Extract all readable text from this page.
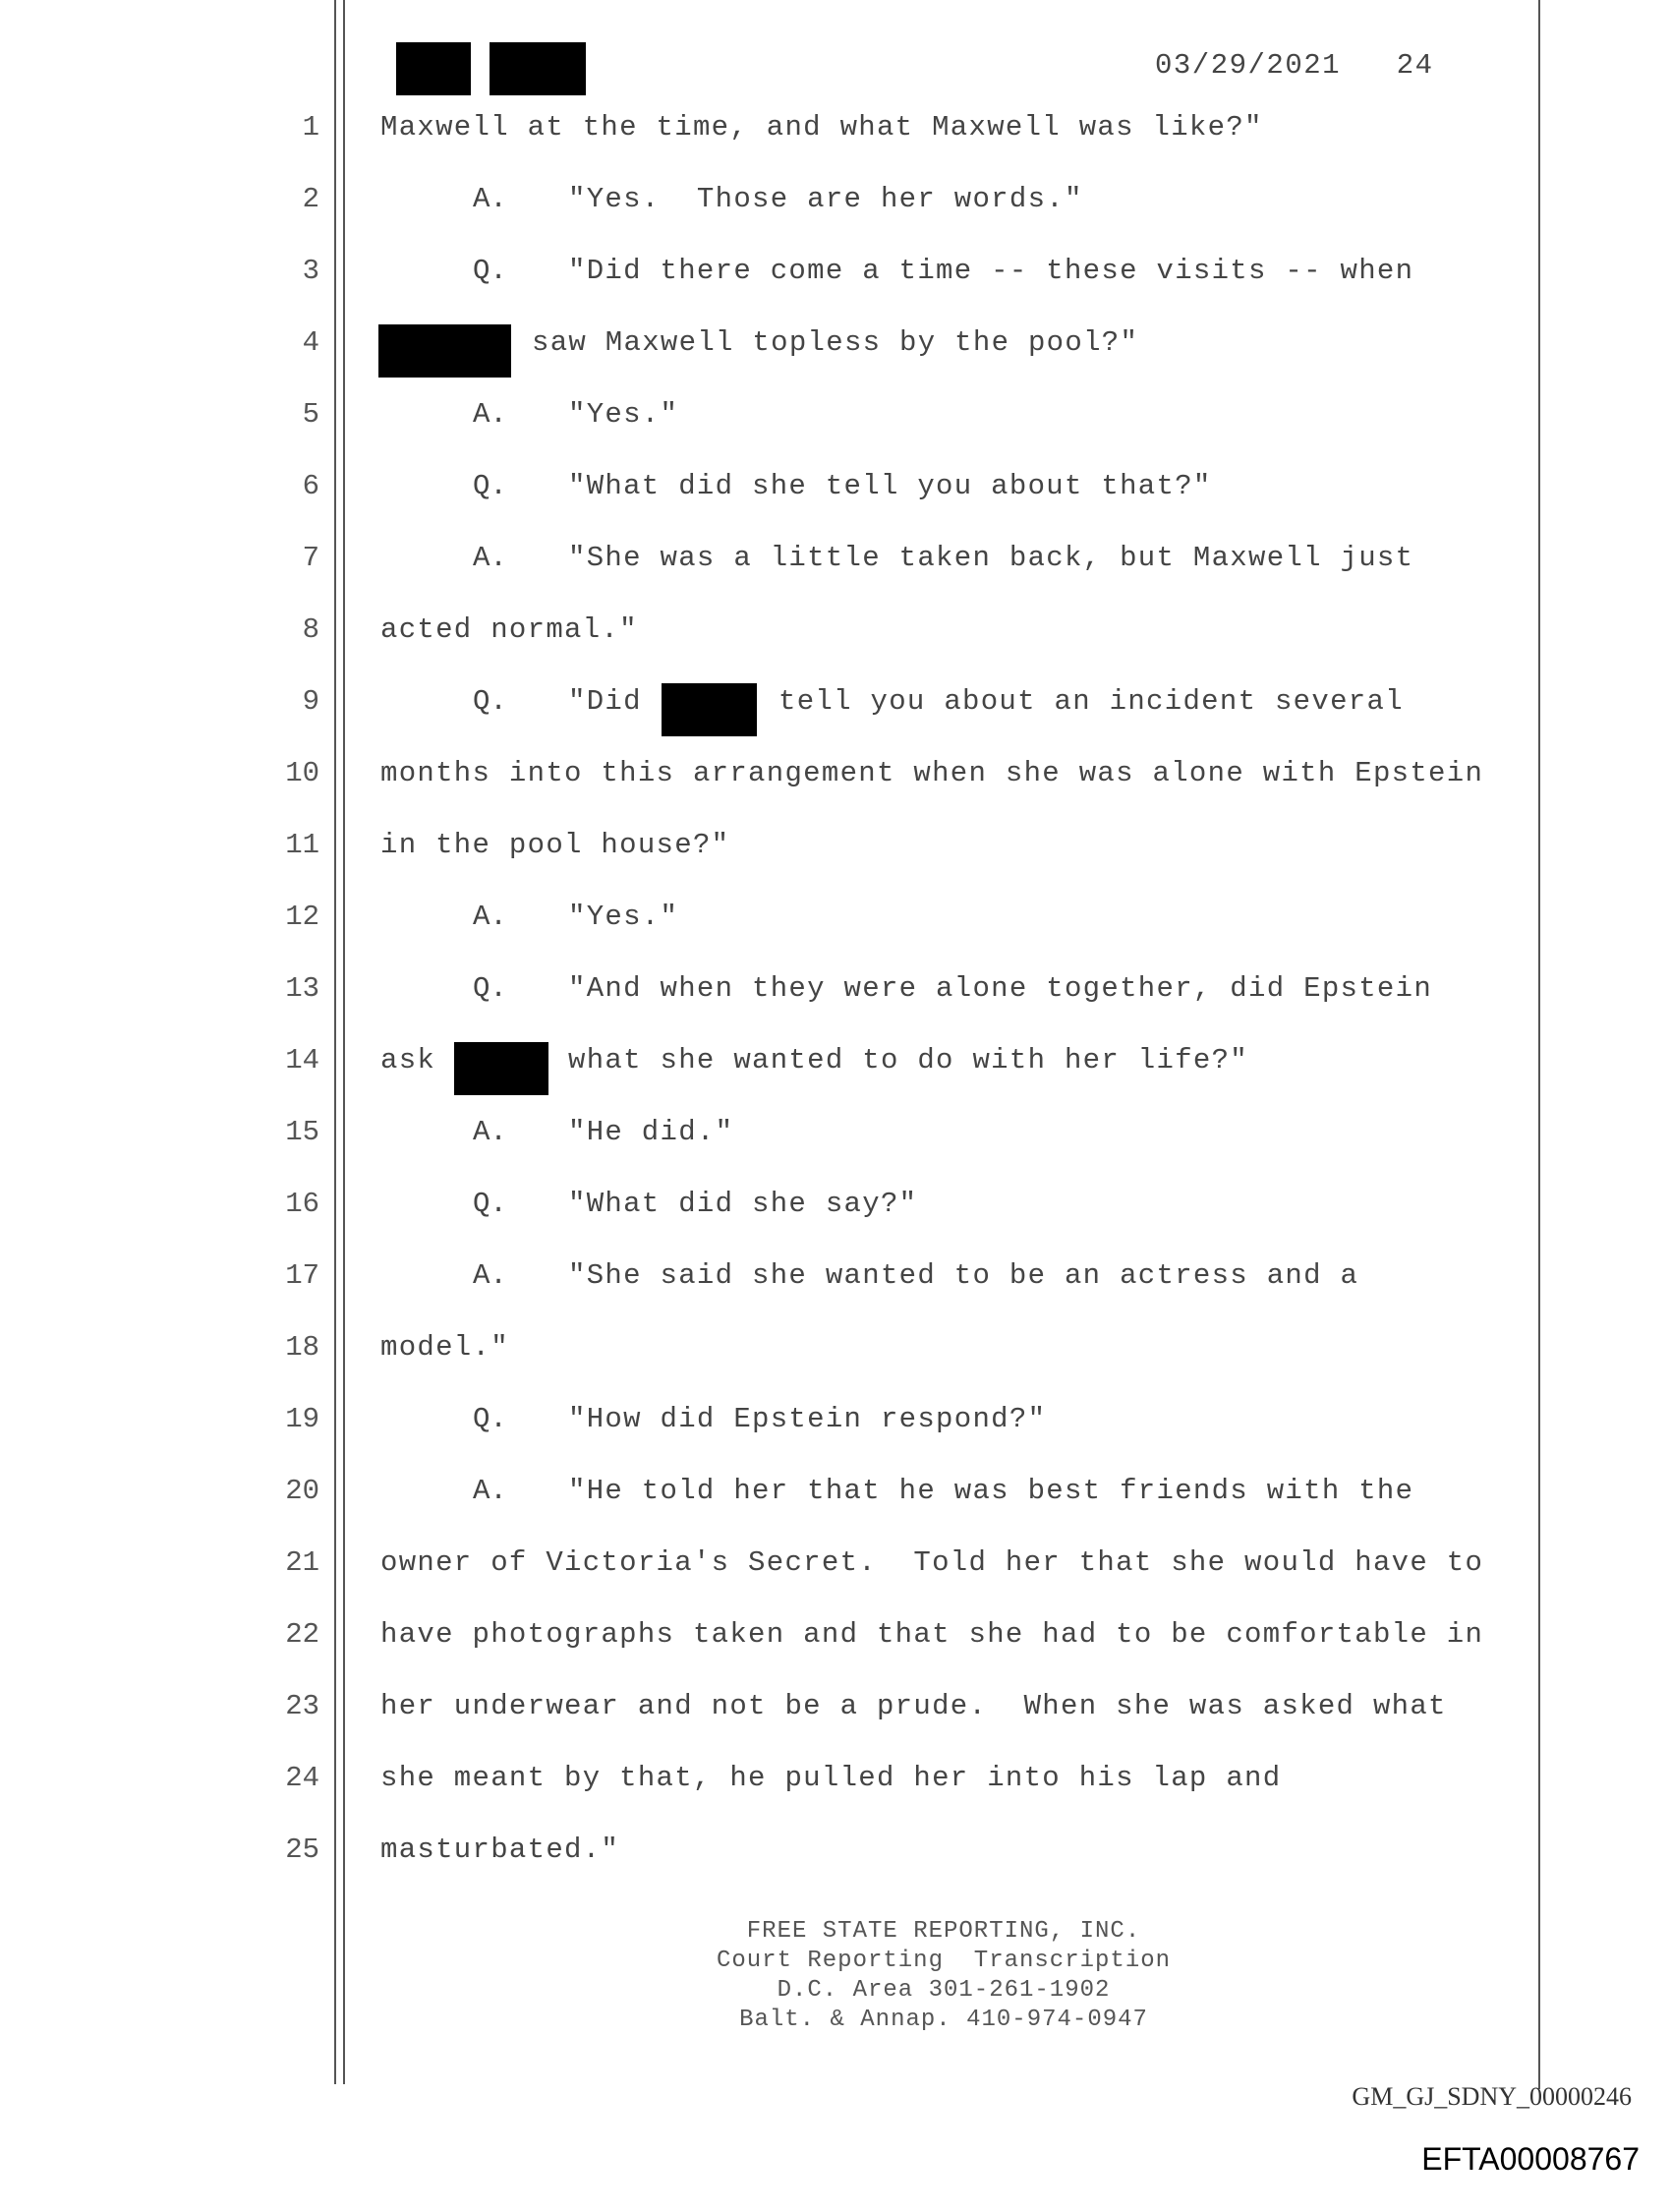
03/29/2021 24
1 Maxwell at the time, and what Maxwell was like?"
2	A. "Yes.  Those are her words."
3	Q. "Did there come a time -- these visits -- when
4	saw Maxwell topless by the pool?"
5	A. "Yes."
6	Q. "What did she tell you about that?"
7	A. "She was a little taken back, but Maxwell just
8 acted normal."
9	Q. "Did	tell you about an incident several
10 months into this arrangement when she was alone with Epstein
11 in the pool house?"
12	A. "Yes."
13	Q. "And when they were alone together, did Epstein
14 ask	what she wanted to do with her life?"
15	A. "He did."
16	Q. "What did she say?"
17	A. "She said she wanted to be an actress and a
18 model."
19	Q. "How did Epstein respond?"
20	A. "He told her that he was best friends with the
21 owner of Victoria's Secret.  Told her that she would have to
22 have photographs taken and that she had to be comfortable in
23 her underwear and not be a prude.  When she was asked what
24 she meant by that, he pulled her into his lap and
25 masturbated."
FREE STATE REPORTING, INC.
Court Reporting  Transcription
D.C. Area 301-261-1902
Balt. & Annap. 410-974-0947
GM_GJ_SDNY_00000246
EFTA00008767
